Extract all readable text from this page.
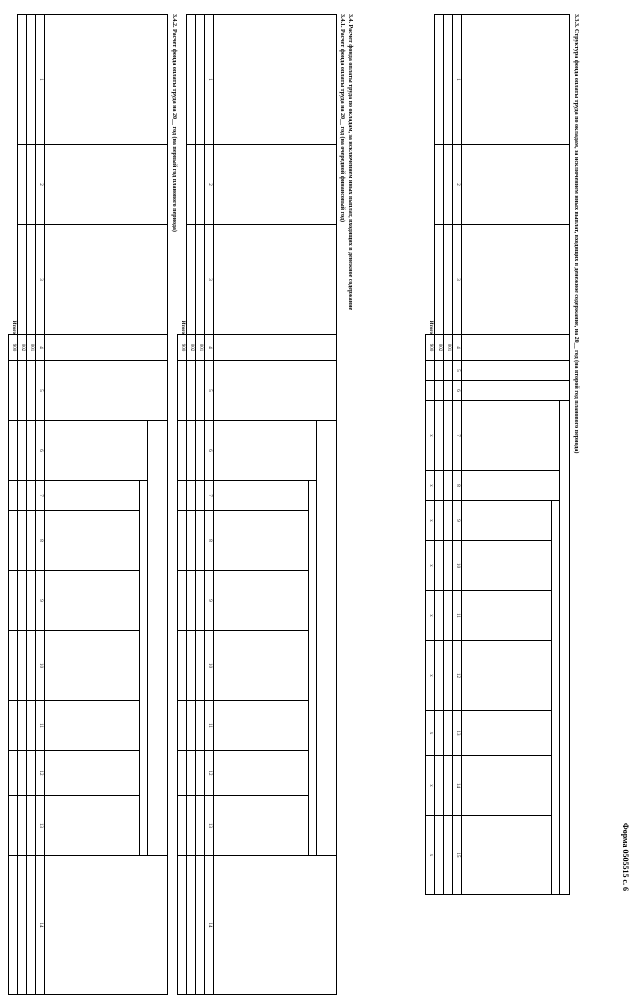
Форма 0505515 с. 6
3.3.3. Структура фонда оплаты труда по окладам, за исключением иных выплат, входящих в денежное содержание, на 20__ год (на второй год планового периода)

1	2	3	4	5	6	7	8	9	10	11	12	13	14	15
			001											
			002											
Итого			900			x	x	x	x	x	x	x	x	x
3.4. Расчет фонда оплаты труда по окладам, за исключением иных выплат, входящих в денежное содержание
3.4.1. Расчет фонда оплаты труда на 20__ год (на очередной финансовый год)

1	2	3	4	5	6	7	8	9	10	11	12	13	14
			001										
			002										
Итого			900										
3.4.2. Расчет фонда оплаты труда на 20__ год (на первый год планового периода)

1	2	3	4	5	6	7	8	9	10	11	12	13	14
			001										
			002										
Итого			900										
